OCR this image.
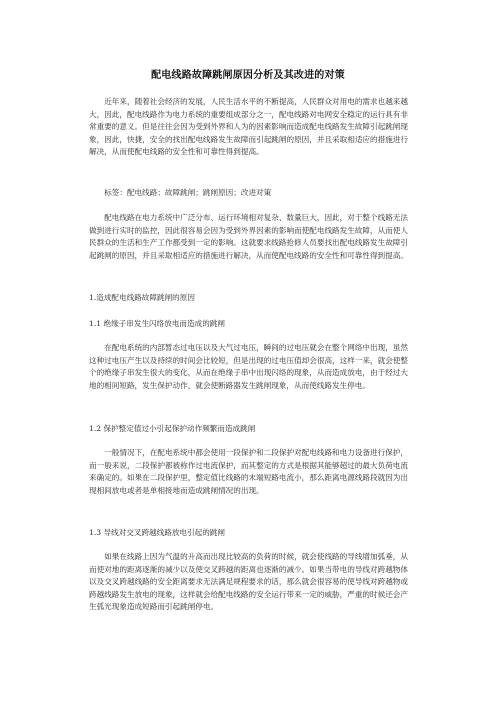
配电线路故障跳闸原因分析及其改进的对策

近年来，随着社会经济的发展，人民生活水平的不断提高，人民群众对用电的需求也越来越大，因此，配电线路作为电力系统的重要组成部分之一，配电线路对电网安全稳定的运行具有非常重要的意义。但是往往会因为受到外界和人为的因素影响而造成配电线路发生故障引起跳闸现象，因此，快捷，安全的找出配电线路发生故障而引起跳闸的原因，并且采取相适应的措施进行解决，从而使配电线路的安全性和可靠性得到提高。

标签：配电线路；故障跳闸；跳闸原因；改进对策

配电线路在电力系统中广泛分布、运行环境相对复杂、数量巨大，因此，对于整个线路无法做到进行实时的监控，因此很容易会因为受到外界因素的影响而使配电线路发生故障，从而使人民群众的生活和生产工作都受到一定的影响。这就要求线路抢修人员要找出配电线路发生故障引起跳闸的原因，并且采取相适应的措施进行解决，从而使配电线路的安全性和可靠性得到提高。

1.造成配电线路故障跳闸的原因
1.1 绝缘子串发生闪络放电而造成的跳闸

在配电系统的内部暂态过电压以及大气过电压，瞬间的过电压就会在整个网络中出现，虽然这种过电压产生以及持续的时间会比较短，但是出现的过电压值却会很高，这样一来，就会使整个的绝缘子串发生很大的变化，从而在绝缘子串中出现闪络的现象，从而造成放电，由于经过大地的相间短路，发生保护动作，就会使断路器发生跳闸现象，从而使线路发生停电。

1.2 保护整定值过小引起保护动作频繁而造成跳闸

一般情况下，在配电系统中都会使用一段保护和二段保护对配电线路和电力设备进行保护，而一般来说，二段保护都被称作过电流保护，而其整定的方式是根据其能够超过的最大负荷电流来确定的。如果在二段保护里，整定值比线路的末端短路电流小，那么距离电源线路段就因为出现相间放电或者是单相接地而造成跳闸情况的出现。

1.3 导线对交叉跨越线路放电引起的跳闸

如果在线路上因为气温的升高而出现比较高的负荷的时候，就会使线路的导线增加弧垂，从而使对地的距离逐渐的减少以及使交叉跨越的距离也逐渐的减少。如果当带电的导线对跨越物体以及交叉跨越线路的安全距离要求无法满足规程要求的话，那么就会很容易的使导线对跨越物或跨越线路发生放电的现象，这样就会给配电线路的安全运行带来一定的威胁，严重的时候还会产生弧光现象造成短路而引起跳闸停电。
